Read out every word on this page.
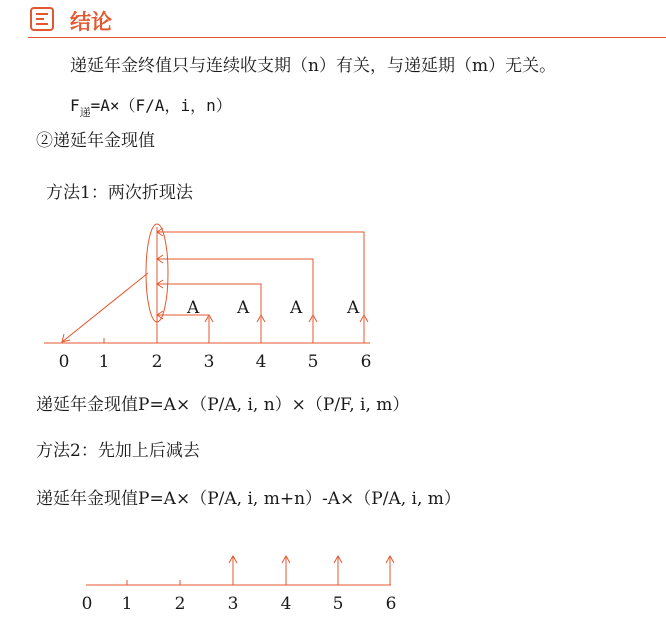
结论
递延年金终值只与连续收支期（n）有关，与递延期（m）无关。
$F_递=A\times(F/A$，i，n）
②递延年金现值
方法1：两次折现法
A A A	A
0 1 2 3 4 5 6
0 1 2 3 4 5 6
递延年金现值P=A×（P/A, i, n）×（P/F, i, m）
方法2：先加上后减去
递延年金现值P=A×（P/A, i, m+n）-A×（P/A, i, m）
